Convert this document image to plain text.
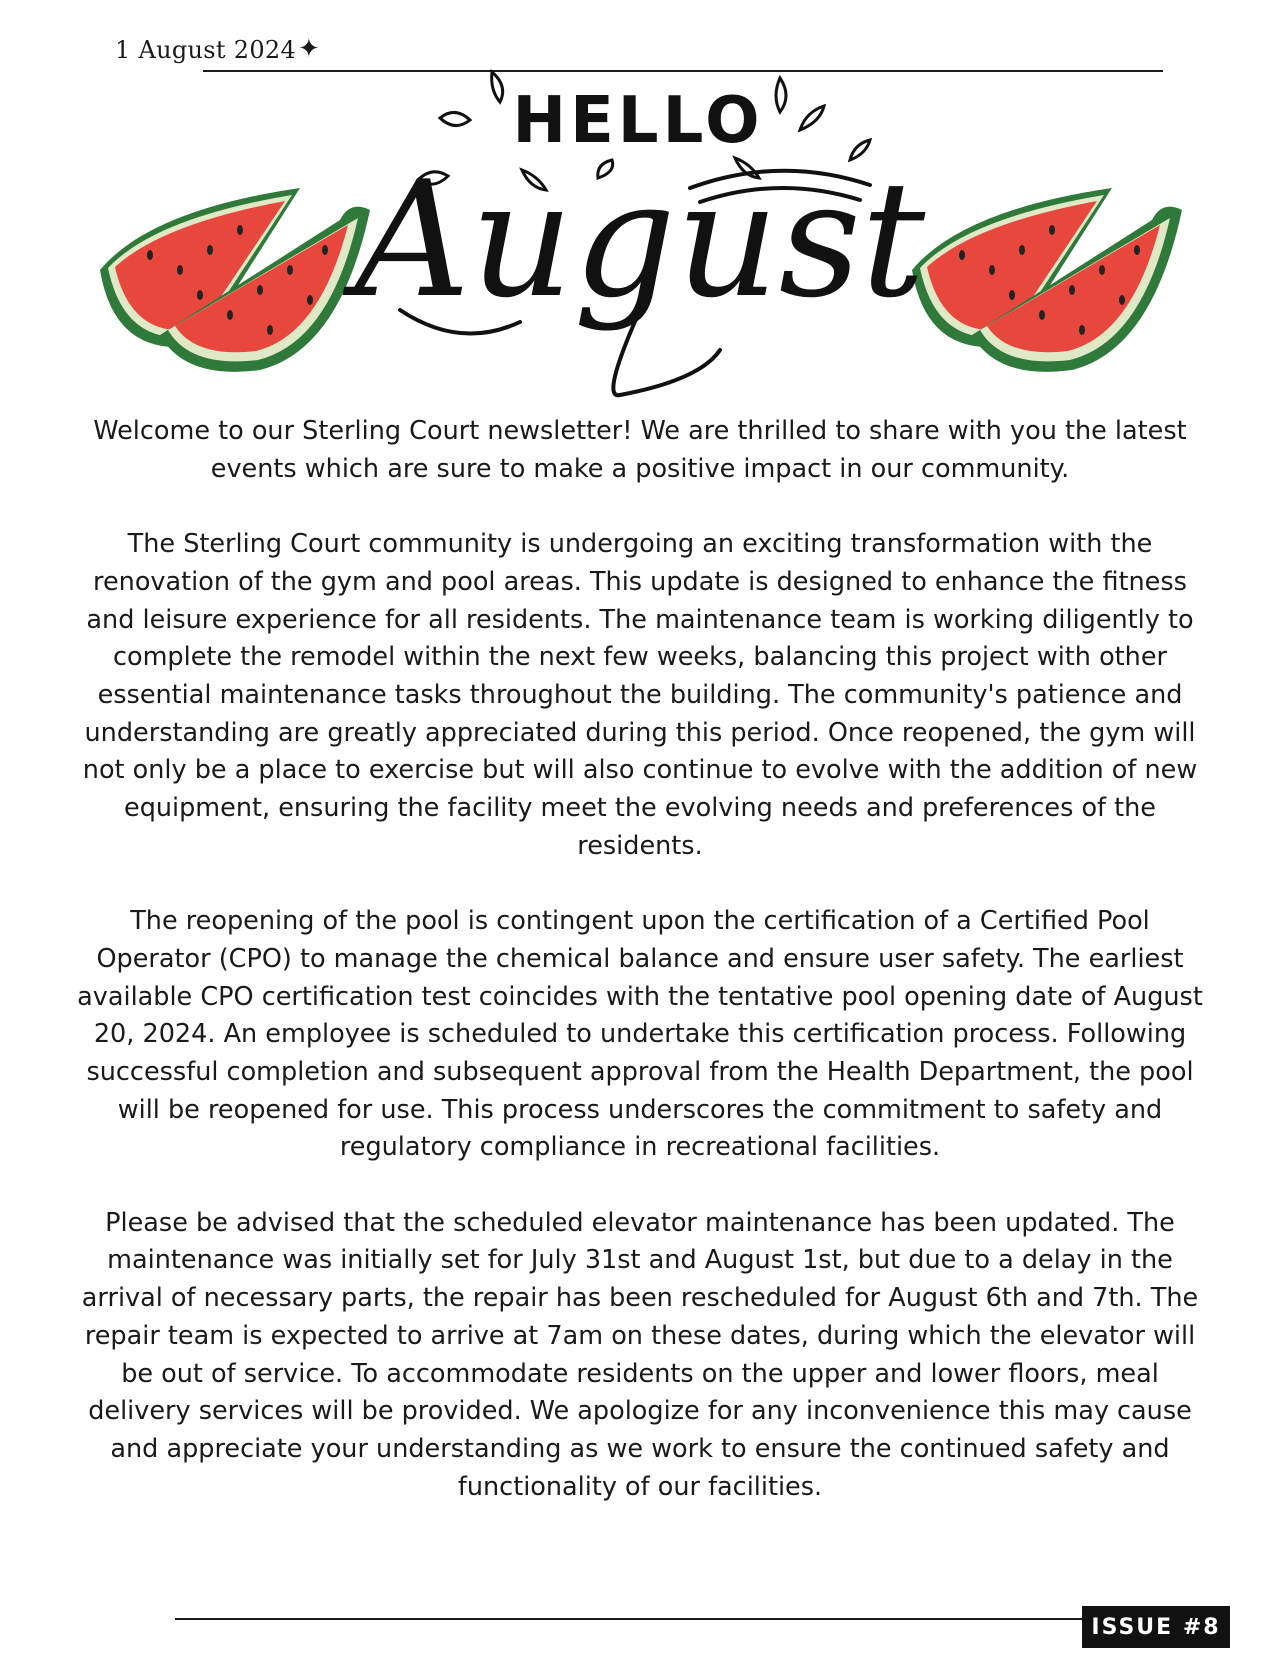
1 August 2024 ✦
HELLO
August

Welcome to our Sterling Court newsletter! We are thrilled to share with you the latest events which are sure to make a positive impact in our community.

The Sterling Court community is undergoing an exciting transformation with the renovation of the gym and pool areas. This update is designed to enhance the fitness and leisure experience for all residents. The maintenance team is working diligently to complete the remodel within the next few weeks, balancing this project with other essential maintenance tasks throughout the building. The community's patience and understanding are greatly appreciated during this period. Once reopened, the gym will not only be a place to exercise but will also continue to evolve with the addition of new equipment, ensuring the facility meet the evolving needs and preferences of the residents.

The reopening of the pool is contingent upon the certification of a Certified Pool Operator (CPO) to manage the chemical balance and ensure user safety. The earliest available CPO certification test coincides with the tentative pool opening date of August 20, 2024. An employee is scheduled to undertake this certification process. Following successful completion and subsequent approval from the Health Department, the pool will be reopened for use. This process underscores the commitment to safety and regulatory compliance in recreational facilities.

Please be advised that the scheduled elevator maintenance has been updated. The maintenance was initially set for July 31st and August 1st, but due to a delay in the arrival of necessary parts, the repair has been rescheduled for August 6th and 7th. The repair team is expected to arrive at 7am on these dates, during which the elevator will be out of service. To accommodate residents on the upper and lower floors, meal delivery services will be provided. We apologize for any inconvenience this may cause and appreciate your understanding as we work to ensure the continued safety and functionality of our facilities.

ISSUE #8
